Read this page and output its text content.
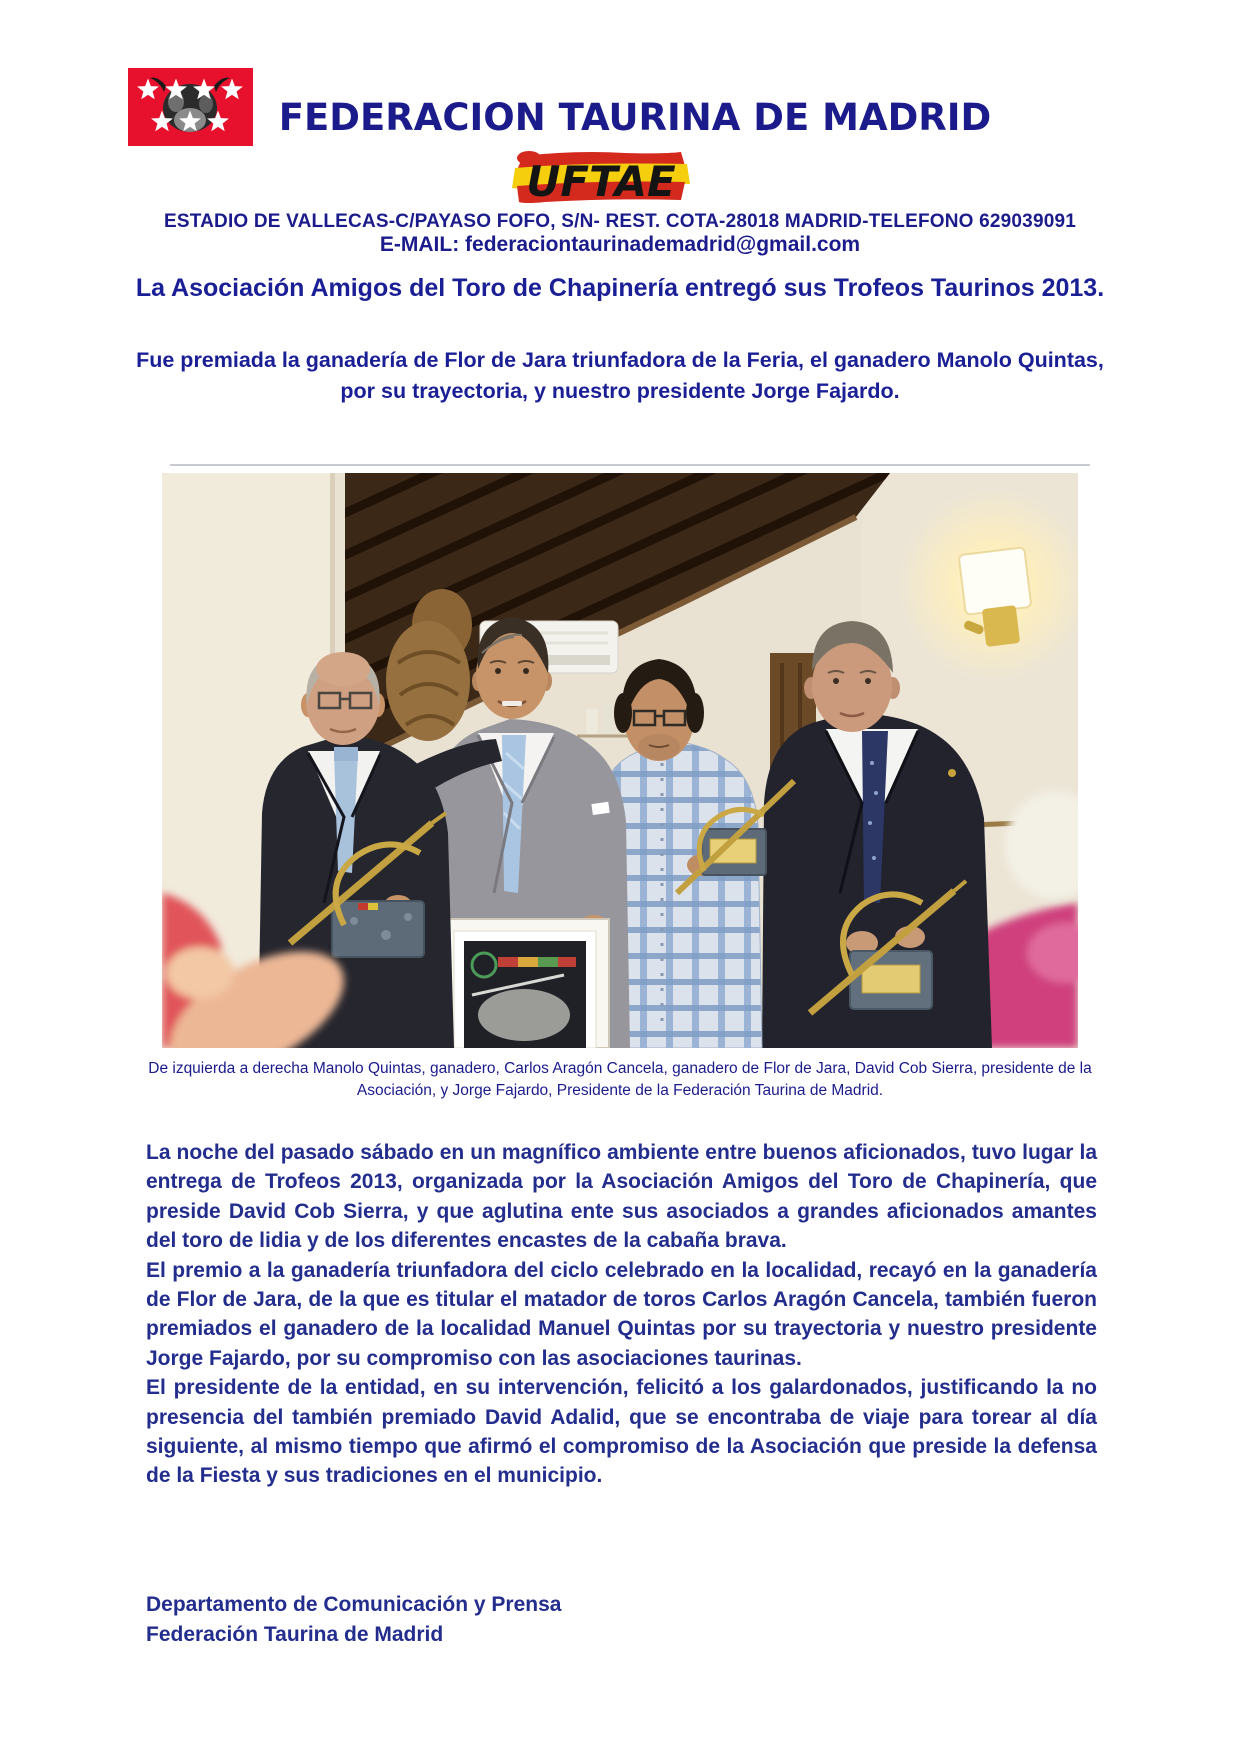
FEDERACION TAURINA DE MADRID
UFTAE
ESTADIO DE VALLECAS-C/PAYASO FOFO, S/N- REST. COTA-28018 MADRID-TELEFONO 629039091
E-MAIL: federaciontaurinademadrid@gmail.com
La Asociación Amigos del Toro de Chapinería entregó sus Trofeos Taurinos 2013.
Fue premiada la ganadería de Flor de Jara triunfadora de la Feria, el ganadero Manolo Quintas, por su trayectoria, y nuestro presidente Jorge Fajardo.
De izquierda a derecha Manolo Quintas, ganadero, Carlos Aragón Cancela, ganadero de Flor de Jara, David Cob Sierra, presidente de la Asociación, y Jorge Fajardo, Presidente de la Federación Taurina de Madrid.

La noche del pasado sábado en un magnífico ambiente entre buenos aficionados, tuvo lugar la entrega de Trofeos 2013, organizada por la Asociación Amigos del Toro de Chapinería, que preside David Cob Sierra, y que aglutina ente sus asociados a grandes aficionados amantes del toro de lidia y de los diferentes encastes de la cabaña brava.

El premio a la ganadería triunfadora del ciclo celebrado en la localidad, recayó en la ganadería de Flor de Jara, de la que es titular el matador de toros Carlos Aragón Cancela, también fueron premiados el ganadero de la localidad Manuel Quintas por su trayectoria y nuestro presidente Jorge Fajardo, por su compromiso con las asociaciones taurinas.

El presidente de la entidad, en su intervención, felicitó a los galardonados, justificando la no presencia del también premiado David Adalid, que se encontraba de viaje para torear al día siguiente, al mismo tiempo que afirmó el compromiso de la Asociación que preside la defensa de la Fiesta y sus tradiciones en el municipio.

Departamento de Comunicación y Prensa
Federación Taurina de Madrid
